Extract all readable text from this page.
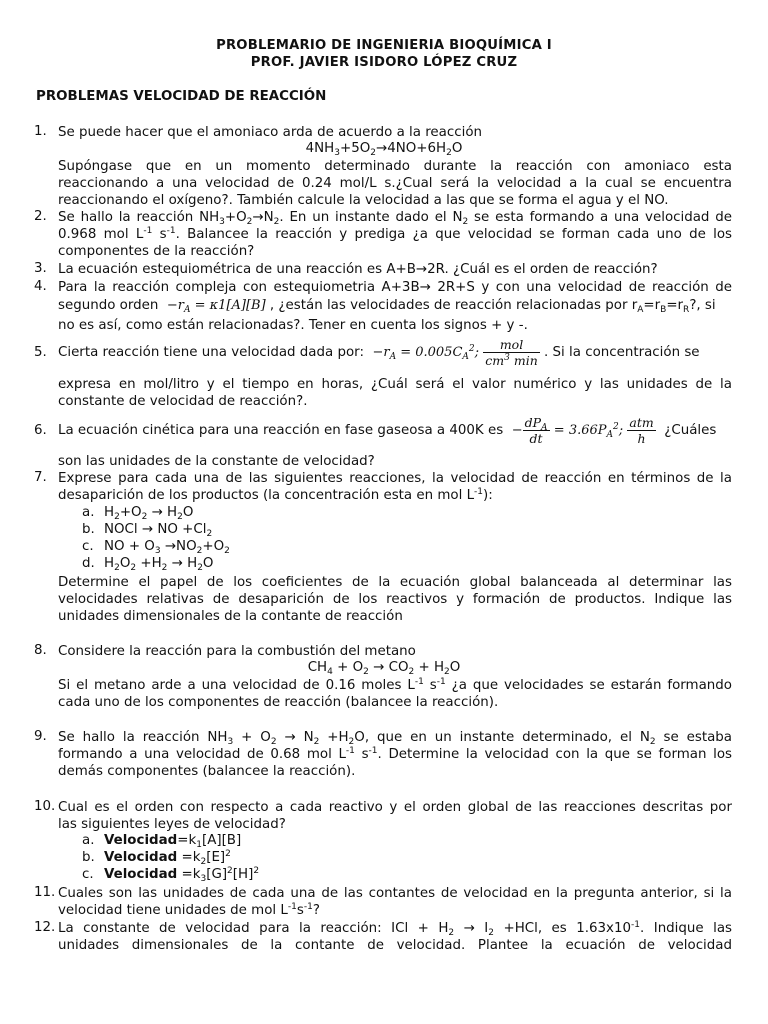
PROBLEMARIO DE INGENIERIA BIOQUÍMICA I
PROF. JAVIER ISIDORO LÓPEZ CRUZ
PROBLEMAS VELOCIDAD DE REACCIÓN
1. Se puede hacer que el amoniaco arda de acuerdo a la reacción
$4NH_3+5O_2\to 4NO+6H_2O$
Supóngase que en un momento determinado durante la reacción con amoniaco esta
reaccionando a una velocidad de 0.24 mol/L s.¿Cual será la velocidad a la cual se encuentra
reaccionando el oxígeno?. También calcule la velocidad a las que se forma el agua y el NO.
2. Se hallo la reacción $NH_3+O_2\to N_2$. En un instante dado el $N_2$ se esta formando a una velocidad de
0.968 mol $L^{-1}$ $s^{-1}$. Balancee la reacción y prediga ¿a que velocidad se forman cada uno de los
componentes de la reacción?
3. La ecuación estequiométrica de una reacción es A+B→2R. ¿Cuál es el orden de reacción?
4. Para la reacción compleja con estequiometria A+3B→ 2R+S y con una velocidad de reacción de
segundo orden $-r_A = \kappa 1[A][B]$ , ¿están las velocidades de reacción relacionadas por $r_A=r_B=r_R$?, si
no es así, como están relacionadas?. Tener en cuenta los signos + y -.
5. Cierta reacción tiene una velocidad dada por: $-r_A = 0.005C_A^2$; $\frac{\text{mol}}{cm^3 \min}$ . Si la concentración se
expresa en mol/litro y el tiempo en horas, ¿Cuál será el valor numérico y las unidades de la
constante de velocidad de reacción?.
6. La ecuación cinética para una reacción en fase gaseosa a 400K es − $\frac{dP_A}{dt} = 3.66P_A^2$; $\frac{\text{atm}}{h}$ ¿Cuáles
son las unidades de la constante de velocidad?
7. Exprese para cada una de las siguientes reacciones, la velocidad de reacción en términos de la
desaparición de los productos (la concentración esta en mol $L^{-1}$):
a. $H_2+O_2 \to H_2O$
b. NOCl → NO $+Cl_2$
c. NO + $O_3 \to NO_2+O_2$
d. $H_2O_2 +H_2 \to H_2O$
Determine el papel de los coeficientes de la ecuación global balanceada al determinar las
velocidades relativas de desaparición de los reactivos y formación de productos. Indique las
unidades dimensionales de la contante de reacción
8. Considere la reacción para la combustión del metano
$CH_4 + O_2 \to CO_2 + H_2O$
Si el metano arde a una velocidad de 0.16 moles $L^{-1}$ $s^{-1}$ ¿a que velocidades se estarán formando
cada uno de los componentes de reacción (balancee la reacción).
9. Se hallo la reacción $NH_3 + O_2 \to N_2 +H_2O$, que en un instante determinado, el $N_2$ se estaba
formando a una velocidad de 0.68 mol $L^{-1}$ $s^{-1}$. Determine la velocidad con la que se forman los
demás componentes (balancee la reacción).
10. Cual es el orden con respecto a cada reactivo y el orden global de las reacciones descritas por
las siguientes leyes de velocidad?
a. $Velocidad=k_1[A][B]$
b. Velocidad $=k_2[E]^2$
c. Velocidad $=k_3[G]^2[H]^2$
11. Cuales son las unidades de cada una de las contantes de velocidad en la pregunta anterior, si la
velocidad tiene unidades de mol $L^{-1}s^{-1}$?
12. La constante de velocidad para la reacción: ICl + $H_2 \to I_2 +HCl$, es $1.63x10^{-1}$. Indique las
unidades dimensionales de la contante de velocidad. Plantee la ecuación de velocidad
